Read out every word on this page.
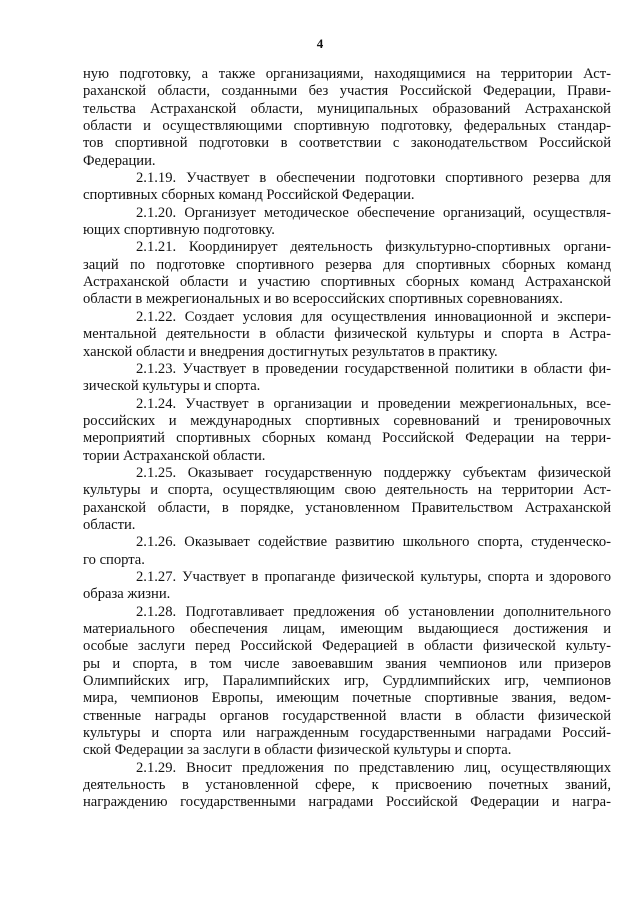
4
ную подготовку, а также организациями, находящимися на территории Аст-
раханской области, созданными без участия Российской Федерации, Прави-
тельства Астраханской области, муниципальных образований Астраханской
области и осуществляющими спортивную подготовку, федеральных стандар-
тов спортивной подготовки в соответствии с законодательством Российской
Федерации.
2.1.19. Участвует в обеспечении подготовки спортивного резерва для
спортивных сборных команд Российской Федерации.
2.1.20. Организует методическое обеспечение организаций, осуществля-
ющих спортивную подготовку.
2.1.21. Координирует деятельность физкультурно-спортивных органи-
заций по подготовке спортивного резерва для спортивных сборных команд
Астраханской области и участию спортивных сборных команд Астраханской
области в межрегиональных и во всероссийских спортивных соревнованиях.
2.1.22. Создает условия для осуществления инновационной и экспери-
ментальной деятельности в области физической культуры и спорта в Астра-
ханской области и внедрения достигнутых результатов в практику.
2.1.23. Участвует в проведении государственной политики в области фи-
зической культуры и спорта.
2.1.24. Участвует в организации и проведении межрегиональных, все-
российских и международных спортивных соревнований и тренировочных
мероприятий спортивных сборных команд Российской Федерации на терри-
тории Астраханской области.
2.1.25. Оказывает государственную поддержку субъектам физической
культуры и спорта, осуществляющим свою деятельность на территории Аст-
раханской области, в порядке, установленном Правительством Астраханской
области.
2.1.26. Оказывает содействие развитию школьного спорта, студенческо-
го спорта.
2.1.27. Участвует в пропаганде физической культуры, спорта и здорового
образа жизни.
2.1.28. Подготавливает предложения об установлении дополнительного
материального обеспечения лицам, имеющим выдающиеся достижения и
особые заслуги перед Российской Федерацией в области физической культу-
ры и спорта, в том числе завоевавшим звания чемпионов или призеров
Олимпийских игр, Паралимпийских игр, Сурдлимпийских игр, чемпионов
мира, чемпионов Европы, имеющим почетные спортивные звания, ведом-
ственные награды органов государственной власти в области физической
культуры и спорта или награжденным государственными наградами Россий-
ской Федерации за заслуги в области физической культуры и спорта.
2.1.29. Вносит предложения по представлению лиц, осуществляющих
деятельность в установленной сфере, к присвоению почетных званий,
награждению государственными наградами Российской Федерации и награ-
